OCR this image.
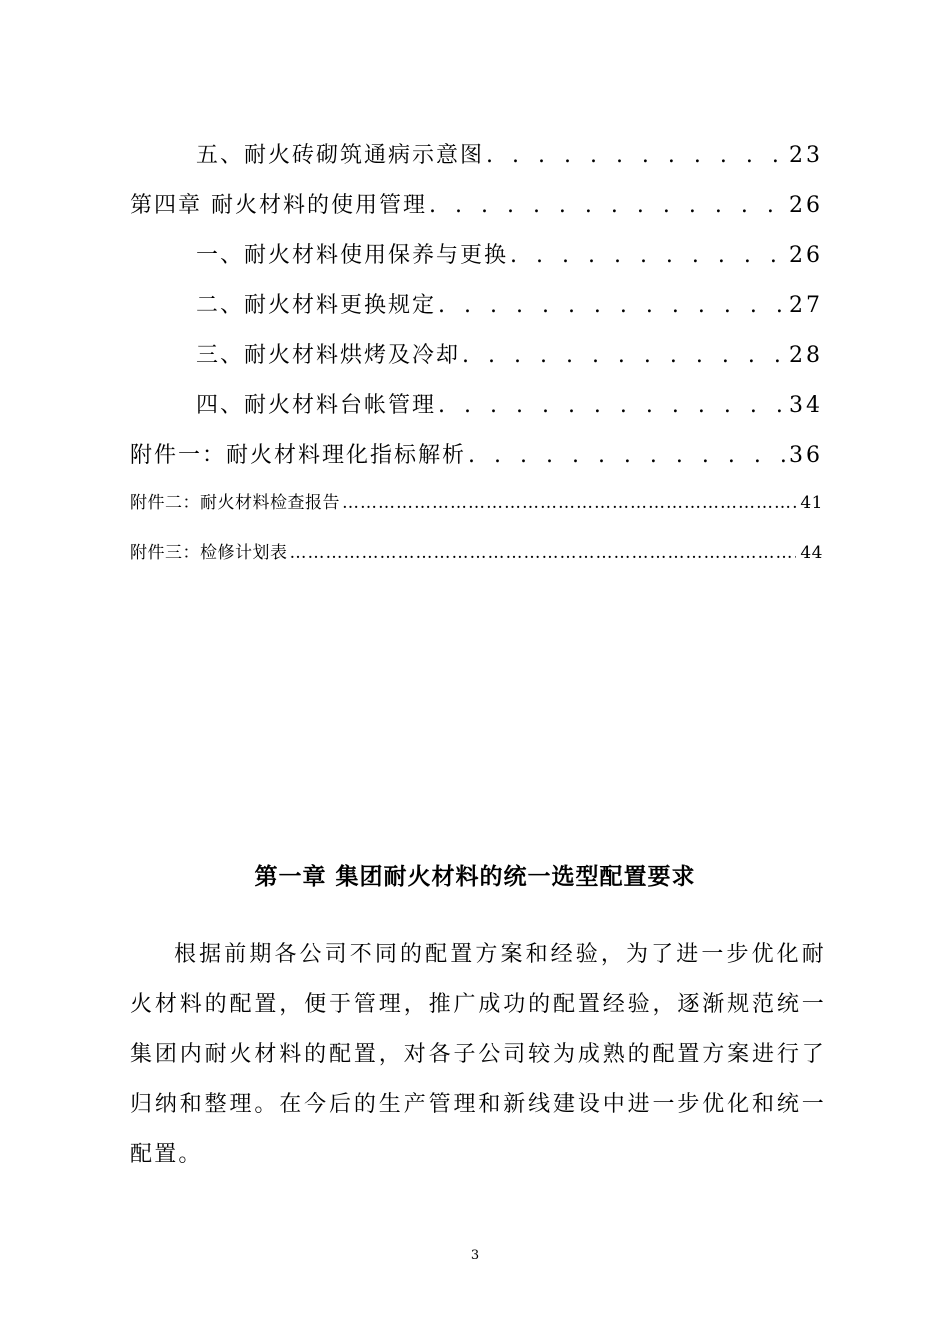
五、耐火砖砌筑通病示意图 . . .	23
第四章 耐火材料的使用管理 . . .	26
一、耐火材料使用保养与更换 . . .	26
二、耐火材料更换规定 . . .	27
三、耐火材料烘烤及冷却 . . .	28
四、耐火材料台帐管理 . . .	34
附件一：耐火材料理化指标解析 . . .	36
附件二：耐火材料检查报告 …………………………………………………………………………………………………………………………………………………………………………………………	41
附件三：检修计划表 …………………………………………………………………………………………………………………………………………………………………………………………	44
第一章 集团耐火材料的统一选型配置要求

根据前期各公司不同的配置方案和经验，为了进一步优化耐火材料的配置，便于管理，推广成功的配置经验，逐渐规范统一集团内耐火材料的配置，对各子公司较为成熟的配置方案进行了归纳和整理。在今后的生产管理和新线建设中进一步优化和统一配置。

3
